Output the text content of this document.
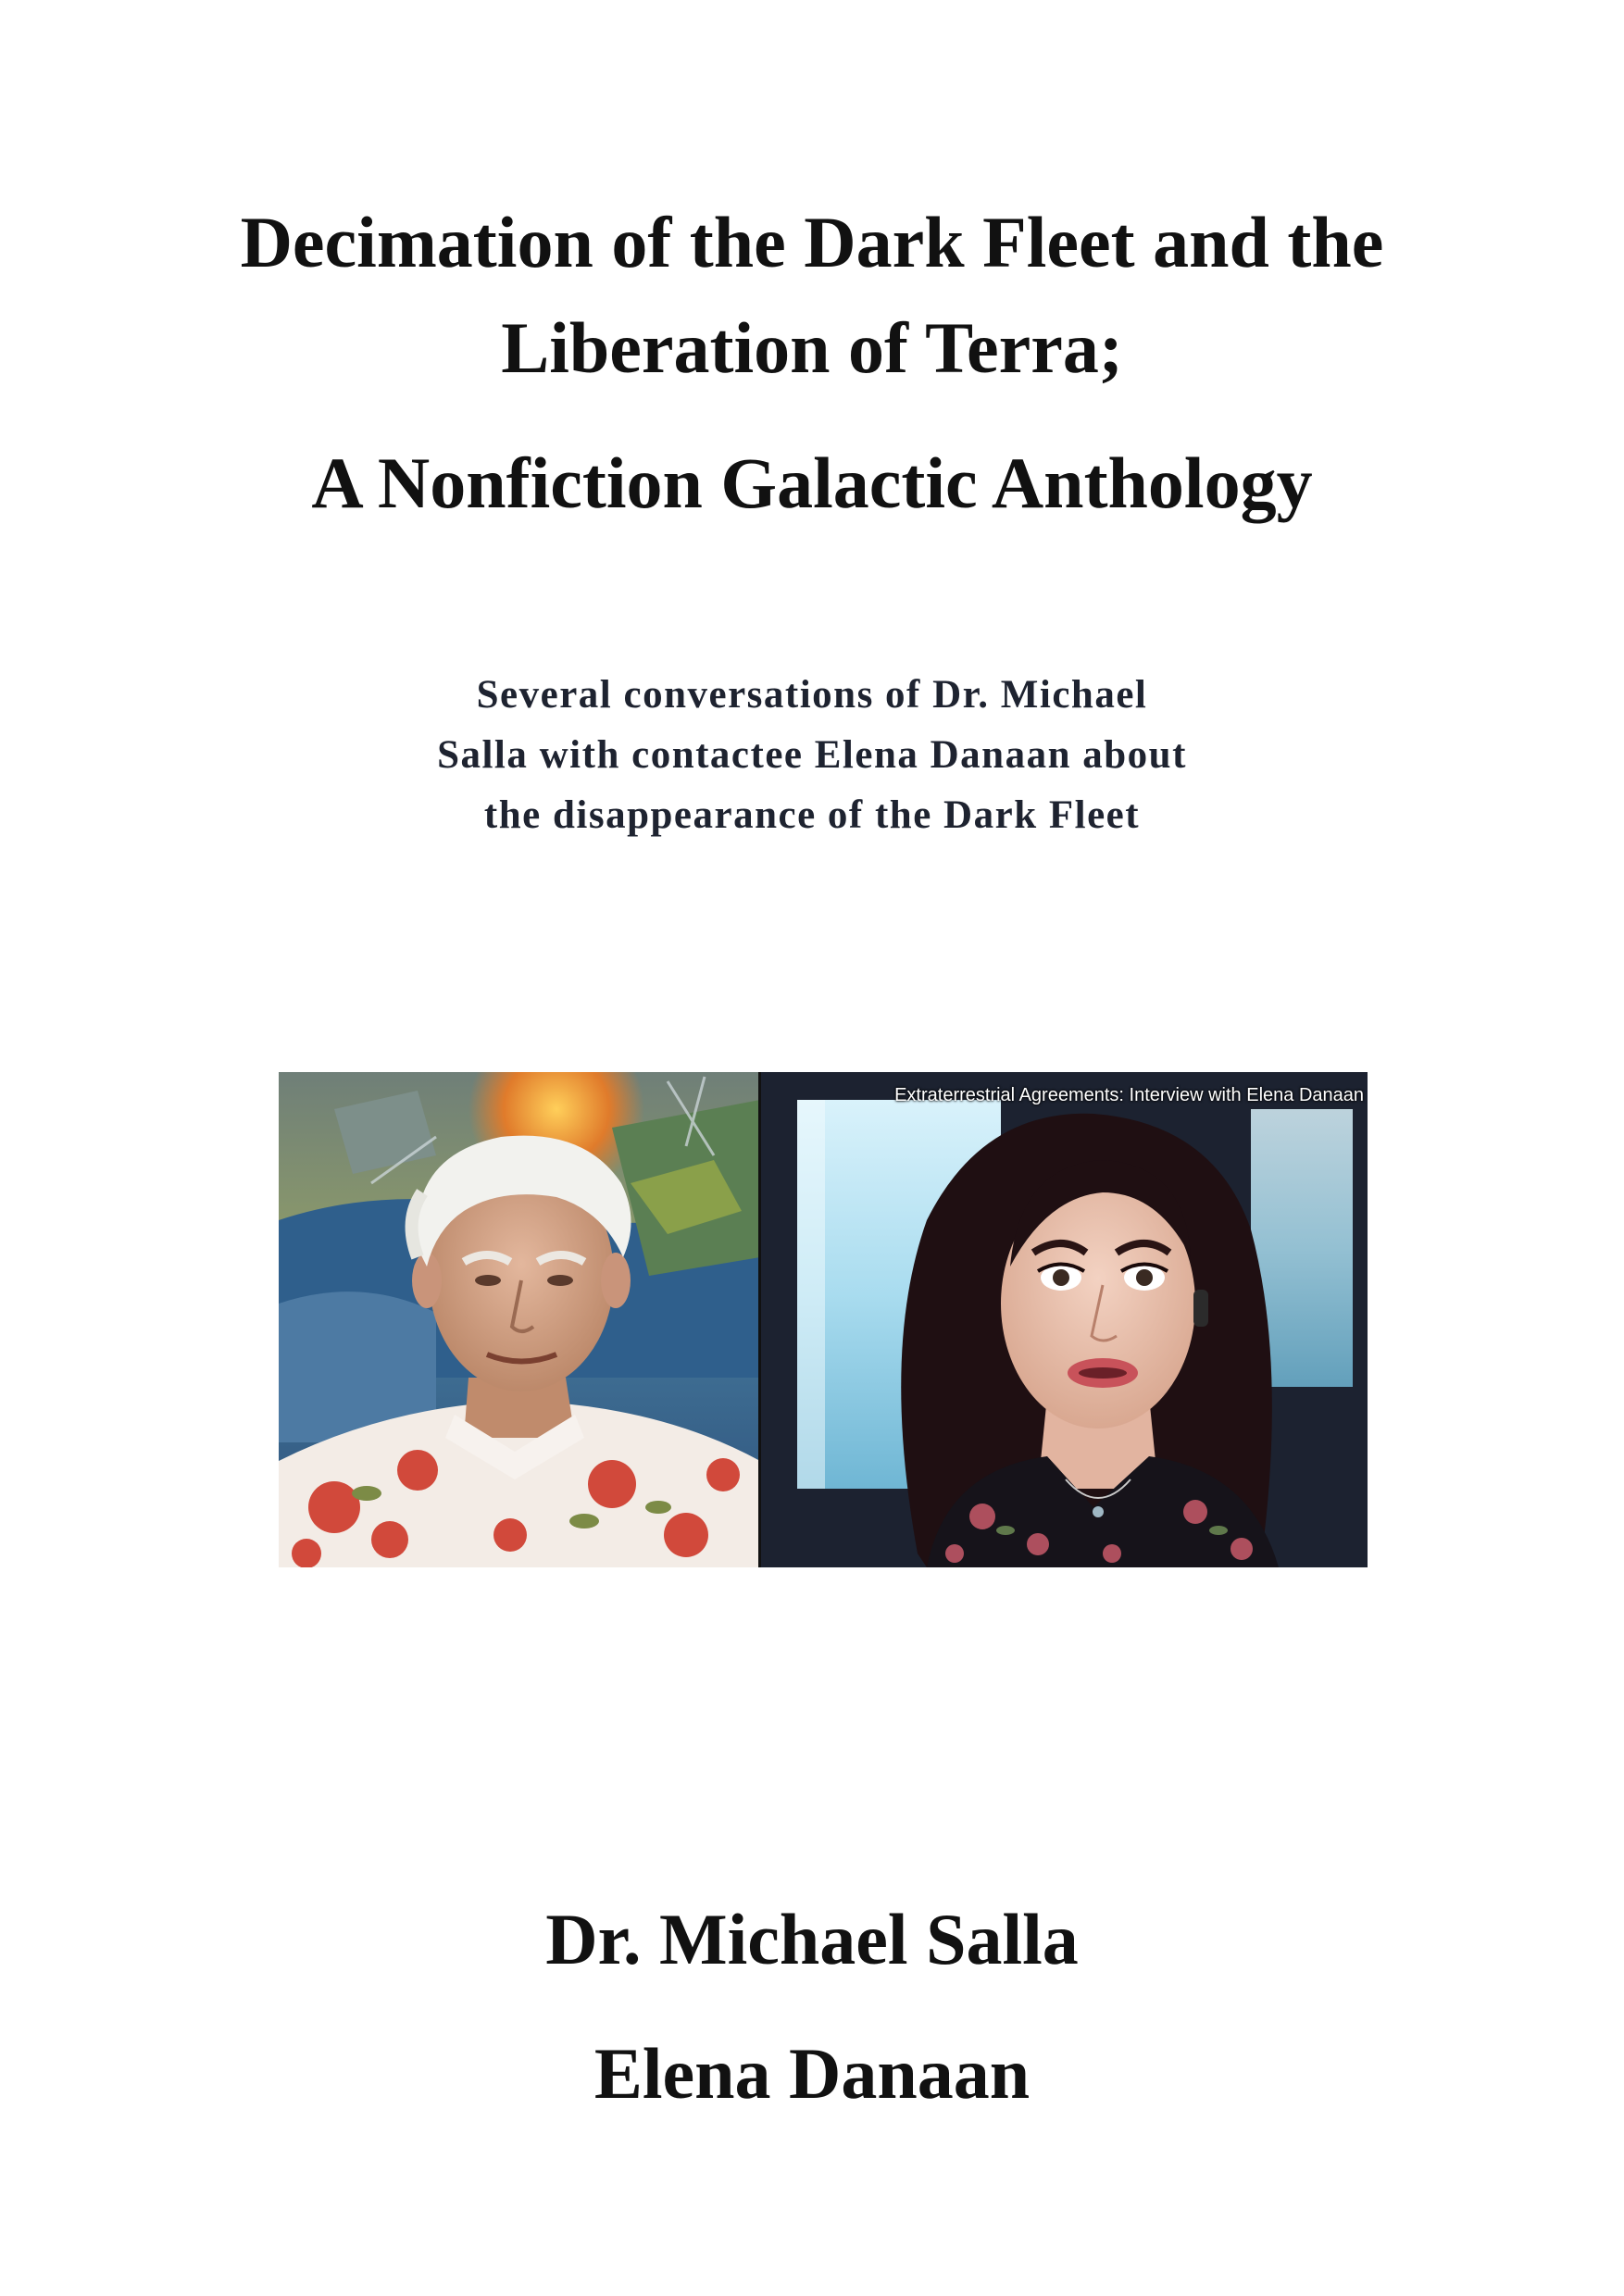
Decimation of the Dark Fleet and the
Liberation of Terra;
A Nonfiction Galactic Anthology
Several conversations of Dr. Michael
Salla with contactee Elena Danaan about
the disappearance of the Dark Fleet
Extraterrestrial Agreements: Interview with Elena Danaan
Dr. Michael Salla
Elena Danaan
